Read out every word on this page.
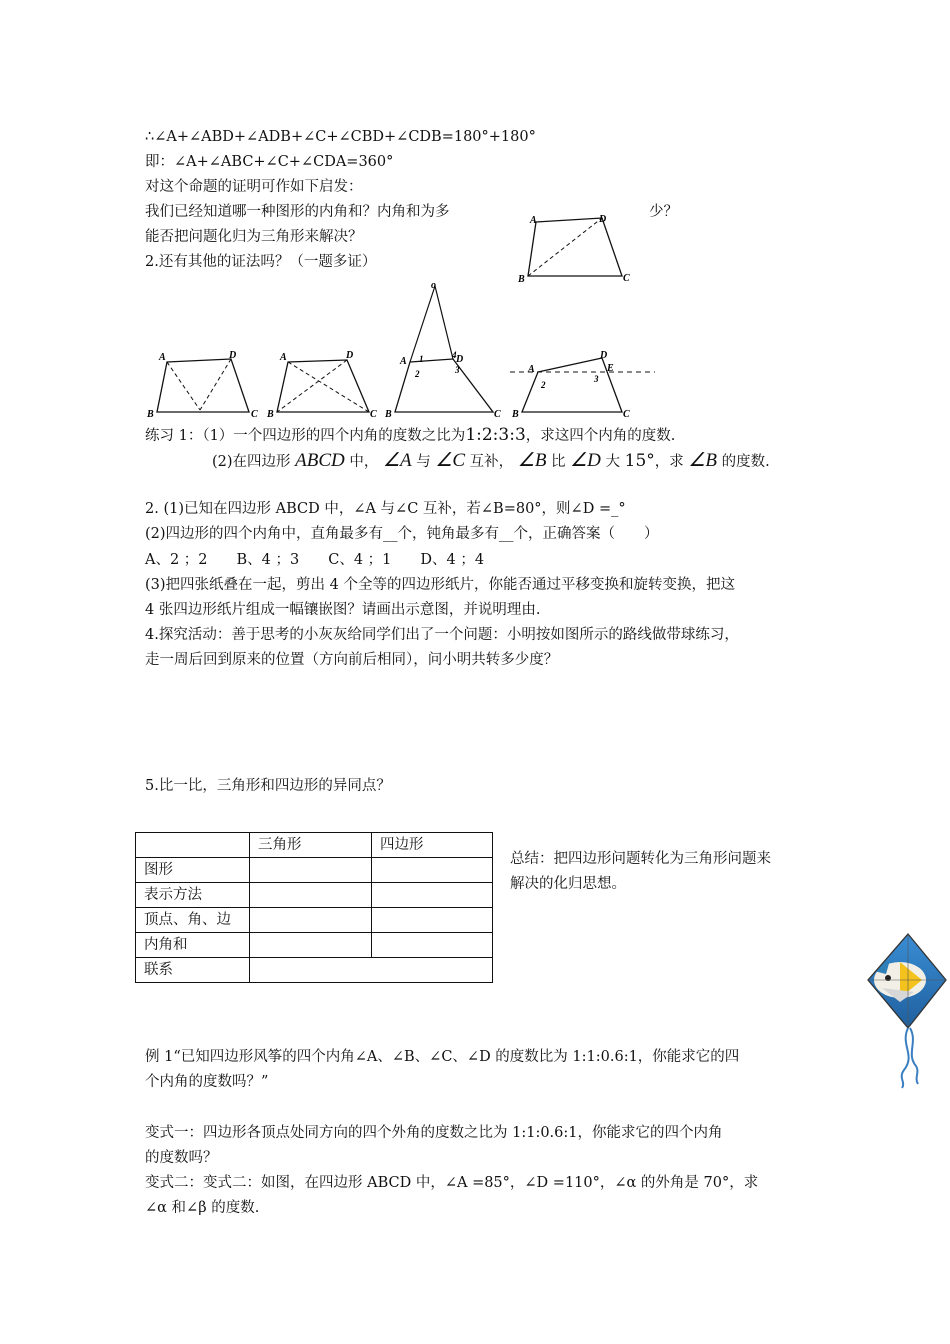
∴∠A+∠ABD+∠ADB+∠C+∠CBD+∠CDB=180°+180°
即：∠A+∠ABC+∠C+∠CDA=360°
对这个命题的证明可作如下启发：
我们已经知道哪一种图形的内角和？内角和为多	少？
能否把问题化归为三角形来解决？
2.还有其他的证法吗？（一题多证）
A	D
B	C
A	D
B	C
A	D
B	C
o
A	D
B	C
1
2	3
4
A
D
E
B	C
2
3
练习 1：（1）一个四边形的四个内角的度数之比为1:2:3:3，求这四个内角的度数.
(2)在四边形 ABCD 中， ∠A 与 ∠C 互补， ∠B 比 ∠D 大 15°，求 ∠B 的度数.
2. (1)已知在四边形 ABCD 中，∠A 与∠C 互补，若∠B=80°，则∠D =_°
(2)四边形的四个内角中，直角最多有__个，钝角最多有__个，正确答案（　　）
A、2 ；2　　B、4 ；3　　C、4 ；1　　D、4 ；4
(3)把四张纸叠在一起，剪出 4 个全等的四边形纸片，你能否通过平移变换和旋转变换，把这
4 张四边形纸片组成一幅镶嵌图？请画出示意图，并说明理由.
4.探究活动：善于思考的小灰灰给同学们出了一个问题：小明按如图所示的路线做带球练习，
走一周后回到原来的位置（方向前后相同），问小明共转多少度？
5.比一比，三角形和四边形的异同点？
	三角形	四边形
图形		
表示方法		
顶点、角、边		
内角和		
联系		
总结：把四边形问题转化为三角形问题来
解决的化归思想。
例 1“已知四边形风筝的四个内角∠A、∠B、∠C、∠D 的度数比为 1:1:0.6:1，你能求它的四
个内角的度数吗？”
变式一：四边形各顶点处同方向的四个外角的度数之比为 1:1:0.6:1，你能求它的四个内角
的度数吗？
变式二：变式二：如图，在四边形 ABCD 中，∠A =85°，∠D =110°，∠α 的外角是 70°，求
∠α 和∠β 的度数.
